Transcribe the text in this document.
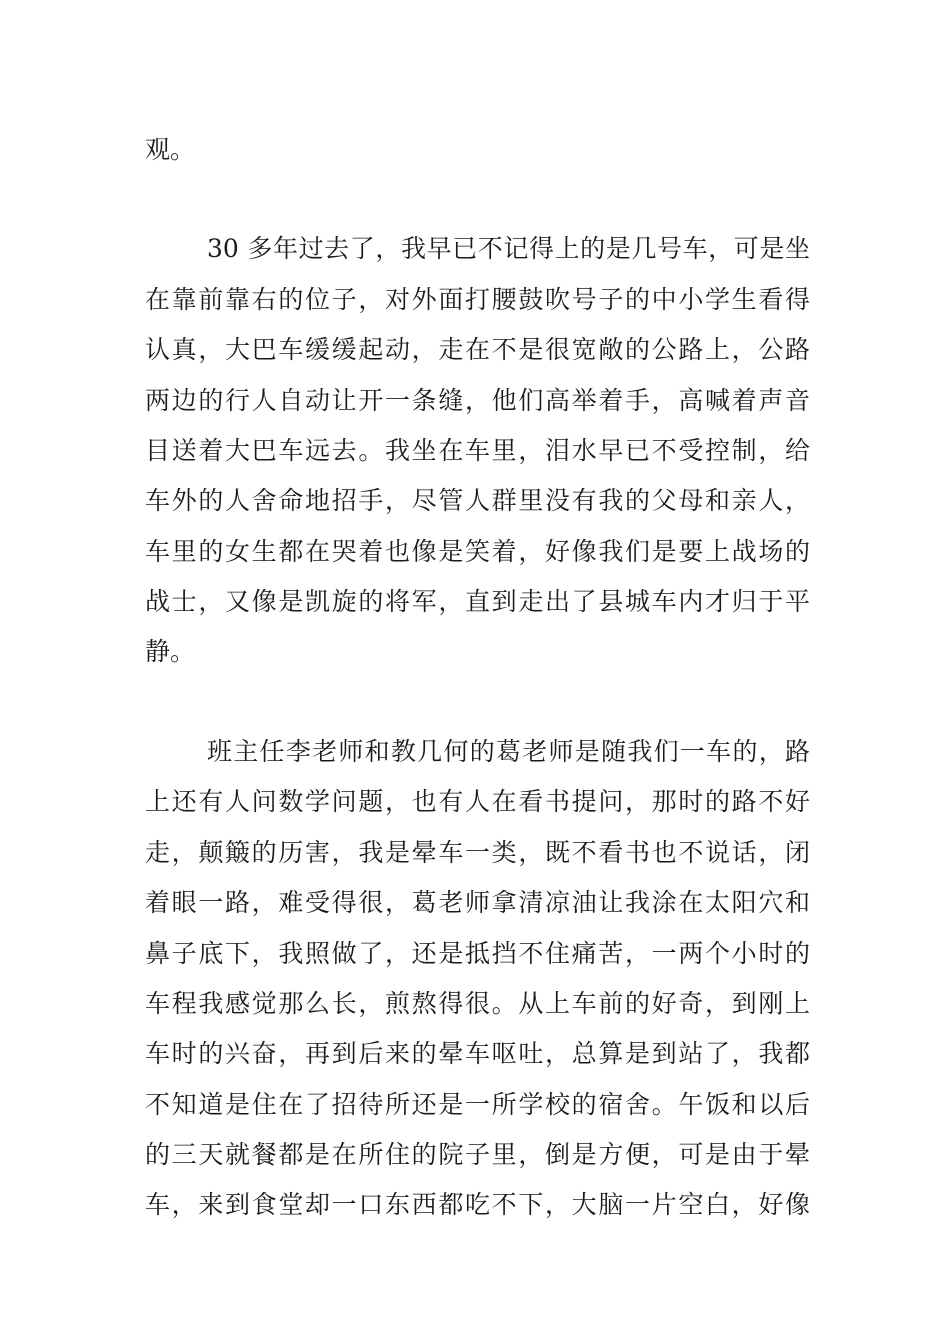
观。
30 多年过去了，我早已不记得上的是几号车，可是坐
在靠前靠右的位子，对外面打腰鼓吹号子的中小学生看得
认真，大巴车缓缓起动，走在不是很宽敞的公路上，公路
两边的行人自动让开一条缝，他们高举着手，高喊着声音
目送着大巴车远去。我坐在车里，泪水早已不受控制，给
车外的人舍命地招手，尽管人群里没有我的父母和亲人，
车里的女生都在哭着也像是笑着，好像我们是要上战场的
战士，又像是凯旋的将军，直到走出了县城车内才归于平
静。
班主任李老师和教几何的葛老师是随我们一车的，路
上还有人问数学问题，也有人在看书提问，那时的路不好
走，颠簸的历害，我是晕车一类，既不看书也不说话，闭
着眼一路，难受得很，葛老师拿清凉油让我涂在太阳穴和
鼻子底下，我照做了，还是抵挡不住痛苦，一两个小时的
车程我感觉那么长，煎熬得很。从上车前的好奇，到刚上
车时的兴奋，再到后来的晕车呕吐，总算是到站了，我都
不知道是住在了招待所还是一所学校的宿舍。午饭和以后
的三天就餐都是在所住的院子里，倒是方便，可是由于晕
车，来到食堂却一口东西都吃不下，大脑一片空白，好像
